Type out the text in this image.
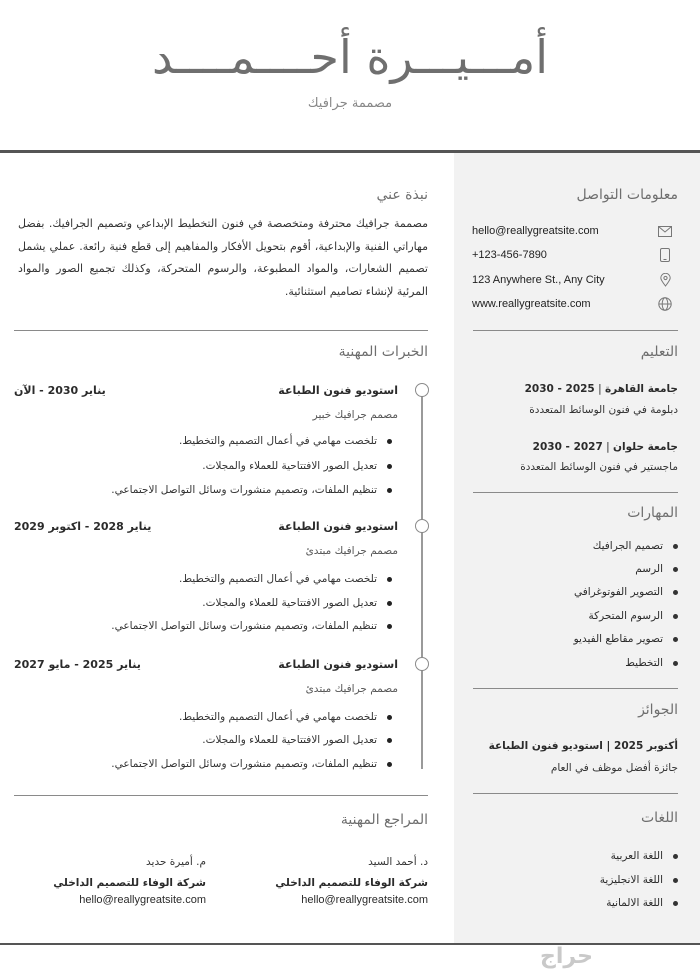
أمـــيـــرة أحــــمــــد
مصممة جرافيك
معلومات التواصل
hello@reallygreatsite.com
+123-456-7890
123 Anywhere St., Any City
www.reallygreatsite.com
التعليم
جامعة القاهرة | 2025 - 2030
دبلومة في فنون الوسائط المتعددة
جامعة حلوان | 2027 - 2030
ماجستير في فنون الوسائط المتعددة
المهارات
تصميم الجرافيك
الرسم
التصوير الفوتوغرافي
الرسوم المتحركة
تصوير مقاطع الفيديو
التخطيط
الجوائز
أكتوبر 2025 | استوديو فنون الطباعة
جائزة أفضل موظف في العام
اللغات
اللغة العربية
اللغة الانجليزية
اللغة الالمانية
نبذة عني
مصممة جرافيك محترفة ومتخصصة في فنون التخطيط الإبداعي وتصميم الجرافيك. بفضل مهاراتي الفنية والإبداعية، أقوم بتحويل الأفكار والمفاهيم إلى قطع فنية رائعة. عملي يشمل تصميم الشعارات، والمواد المطبوعة، والرسوم المتحركة، وكذلك تجميع الصور والمواد المرئية لإنشاء تصاميم استثنائية.
الخبرات المهنية
استوديو فنون الطباعة
يناير 2030 - الآن
مصمم جرافيك خبير
تلخصت مهامي في أعمال التصميم والتخطيط.
تعديل الصور الافتتاحية للعملاء والمجلات.
تنظيم الملفات، وتصميم منشورات وسائل التواصل الاجتماعي.
استوديو فنون الطباعة
يناير 2028 - اكتوبر 2029
مصمم جرافيك مبتدئ
تلخصت مهامي في أعمال التصميم والتخطيط.
تعديل الصور الافتتاحية للعملاء والمجلات.
تنظيم الملفات، وتصميم منشورات وسائل التواصل الاجتماعي.
استوديو فنون الطباعة
يناير 2025 - مايو 2027
مصمم جرافيك مبتدئ
تلخصت مهامي في أعمال التصميم والتخطيط.
تعديل الصور الافتتاحية للعملاء والمجلات.
تنظيم الملفات، وتصميم منشورات وسائل التواصل الاجتماعي.
المراجع المهنية
د. أحمد السيد
شركة الوفاء للتصميم الداخلي
hello@reallygreatsite.com
م. أميرة حديد
شركة الوفاء للتصميم الداخلي
hello@reallygreatsite.com
حراج
